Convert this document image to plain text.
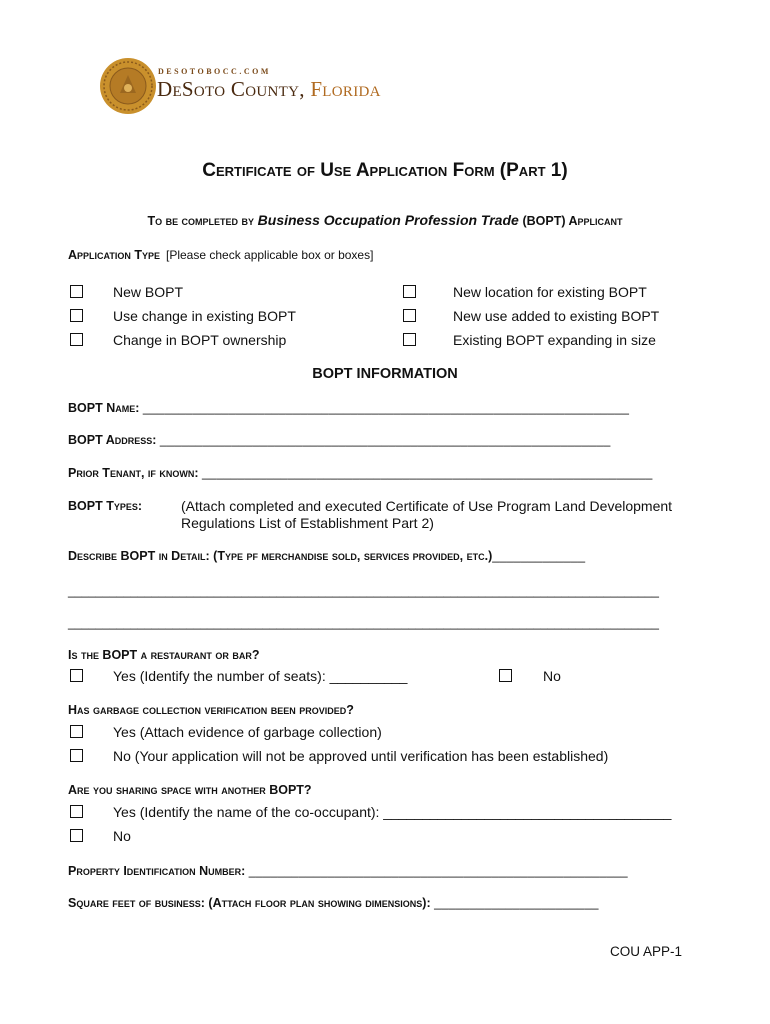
DESOTOBOCC.COM
DeSoto County, Florida
Certificate of Use Application Form (Part 1)
To be completed by Business Occupation Profession Trade (BOPT) Applicant
Application Type [Please check applicable box or boxes]
New BOPT
Use change in existing BOPT
Change in BOPT ownership
New location for existing BOPT
New use added to existing BOPT
Existing BOPT expanding in size
BOPT INFORMATION
BOPT Name: ____________________________________________________________________
BOPT Address: _______________________________________________________________
Prior Tenant, if known: _______________________________________________________________
BOPT Types:	(Attach completed and executed Certificate of Use Program Land Development
Regulations List of Establishment Part 2)
Describe BOPT in Detail: (Type pf merchandise sold, services provided, etc.)_____________
_____________________________________________________________________________________
_____________________________________________________________________________________
Is the BOPT a restaurant or bar?
Yes (Identify the number of seats): __________	No
Has garbage collection verification been provided?
Yes (Attach evidence of garbage collection)
No (Your application will not be approved until verification has been established)
Are you sharing space with another BOPT?
Yes (Identify the name of the co-occupant): _____________________________________
No
Property Identification Number: _____________________________________________________
Square feet of business: (Attach floor plan showing dimensions): _______________________
COU APP-1
